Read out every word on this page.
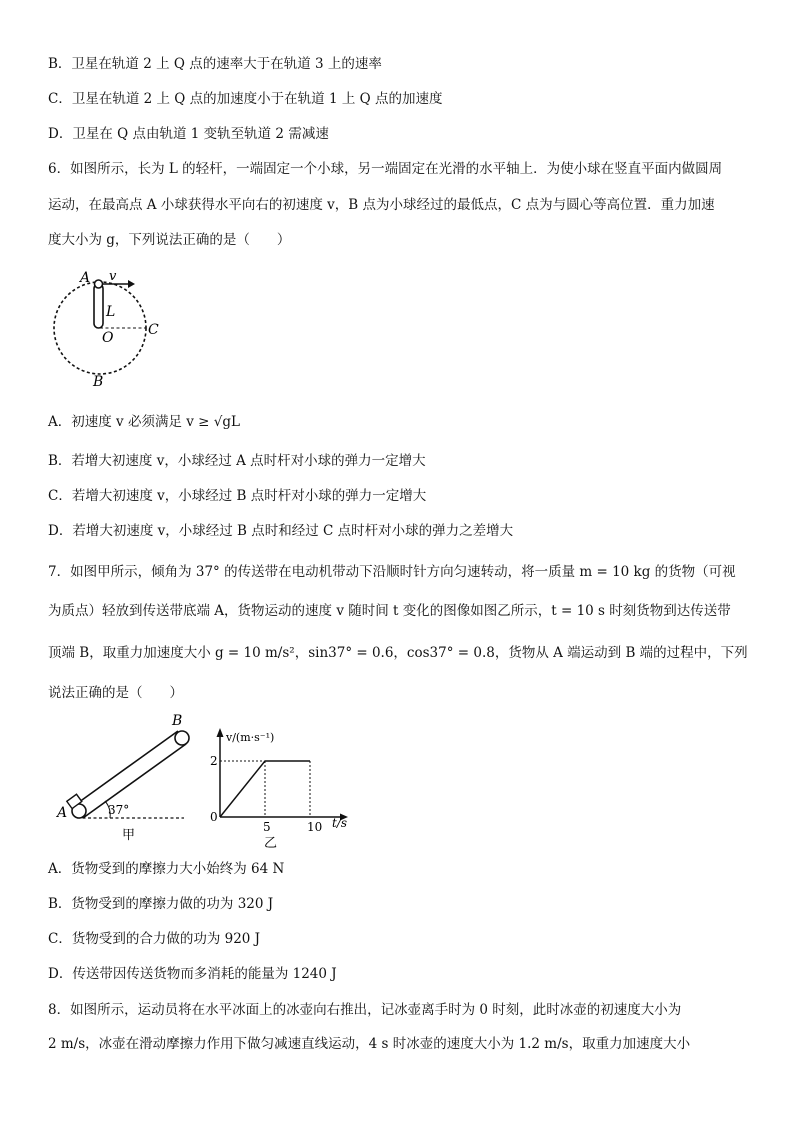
B．卫星在轨道 2 上 Q 点的速率大于在轨道 3 上的速率
C．卫星在轨道 2 上 Q 点的加速度小于在轨道 1 上 Q 点的加速度
D．卫星在 Q 点由轨道 1 变轨至轨道 2 需减速
6．如图所示，长为 L 的轻杆，一端固定一个小球，另一端固定在光滑的水平轴上．为使小球在竖直平面内做圆周
运动，在最高点 A 小球获得水平向右的初速度 v，B 点为小球经过的最低点，C 点为与圆心等高位置．重力加速
度大小为 g，下列说法正确的是（　　）
A v
L
O C
B
A．初速度 v 必须满足 v ≥ √gL
B．若增大初速度 v，小球经过 A 点时杆对小球的弹力一定增大
C．若增大初速度 v，小球经过 B 点时杆对小球的弹力一定增大
D．若增大初速度 v，小球经过 B 点时和经过 C 点时杆对小球的弹力之差增大
7．如图甲所示，倾角为 37° 的传送带在电动机带动下沿顺时针方向匀速转动，将一质量 m = 10 kg 的货物（可视
为质点）轻放到传送带底端 A，货物运动的速度 v 随时间 t 变化的图像如图乙所示，t = 10 s 时刻货物到达传送带
顶端 B，取重力加速度大小 g = 10 m/s²，sin37° = 0.6，cos37° = 0.8，货物从 A 端运动到 B 端的过程中，下列
说法正确的是（　　）
A
B
37°
甲
v/(m·s⁻¹)
t/s
0
2
5	10
乙
A．货物受到的摩擦力大小始终为 64 N
B．货物受到的摩擦力做的功为 320 J
C．货物受到的合力做的功为 920 J
D．传送带因传送货物而多消耗的能量为 1240 J
8．如图所示，运动员将在水平冰面上的冰壶向右推出，记冰壶离手时为 0 时刻，此时冰壶的初速度大小为
2 m/s，冰壶在滑动摩擦力作用下做匀减速直线运动，4 s 时冰壶的速度大小为 1.2 m/s，取重力加速度大小
